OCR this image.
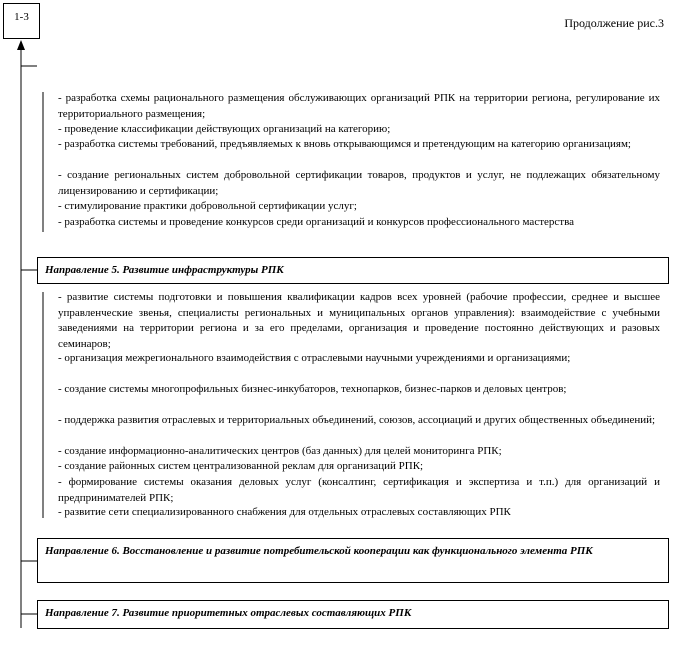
1-3	Продолжение рис.3
- разработка схемы рационального размещения обслуживающих организаций РПК на территории региона, регулирование их территориального размещения;
- проведение классификации действующих организаций на категорию;
- разработка системы требований, предъявляемых к вновь открывающимся и претендующим на категорию организациям;
- создание региональных систем добровольной сертификации товаров, продуктов и услуг, не подлежащих обязательному лицензированию и сертификации;
- стимулирование практики добровольной сертификации услуг;
- разработка системы и проведение конкурсов среди организаций и конкурсов профессионального мастерства
Направление 5. Развитие инфраструктуры РПК
- развитие системы подготовки и повышения квалификации кадров всех уровней (рабочие профессии, среднее и высшее управленческие звенья, специалисты региональных и муниципальных органов управления): взаимодействие с учебными заведениями на территории региона и за его пределами, организация и проведение постоянно действующих и разовых семинаров;
- организация межрегионального взаимодействия с отраслевыми научными учреждениями и организациями;
- создание системы многопрофильных бизнес-инкубаторов, технопарков, бизнес-парков и деловых центров;
- поддержка развития отраслевых и территориальных объединений, союзов, ассоциаций и других общественных объединений;
- создание информационно-аналитических центров (баз данных) для целей мониторинга РПК;
- создание районных систем централизованной реклам для организаций РПК;
- формирование системы оказания деловых услуг (консалтинг, сертификация и экспертиза и т.п.) для организаций и предпринимателей РПК;
- развитие сети специализированного снабжения для отдельных отраслевых составляющих РПК
Направление 6. Восстановление и развитие потребительской кооперации как функционального элемента РПК
Направление 7. Развитие приоритетных отраслевых составляющих РПК
